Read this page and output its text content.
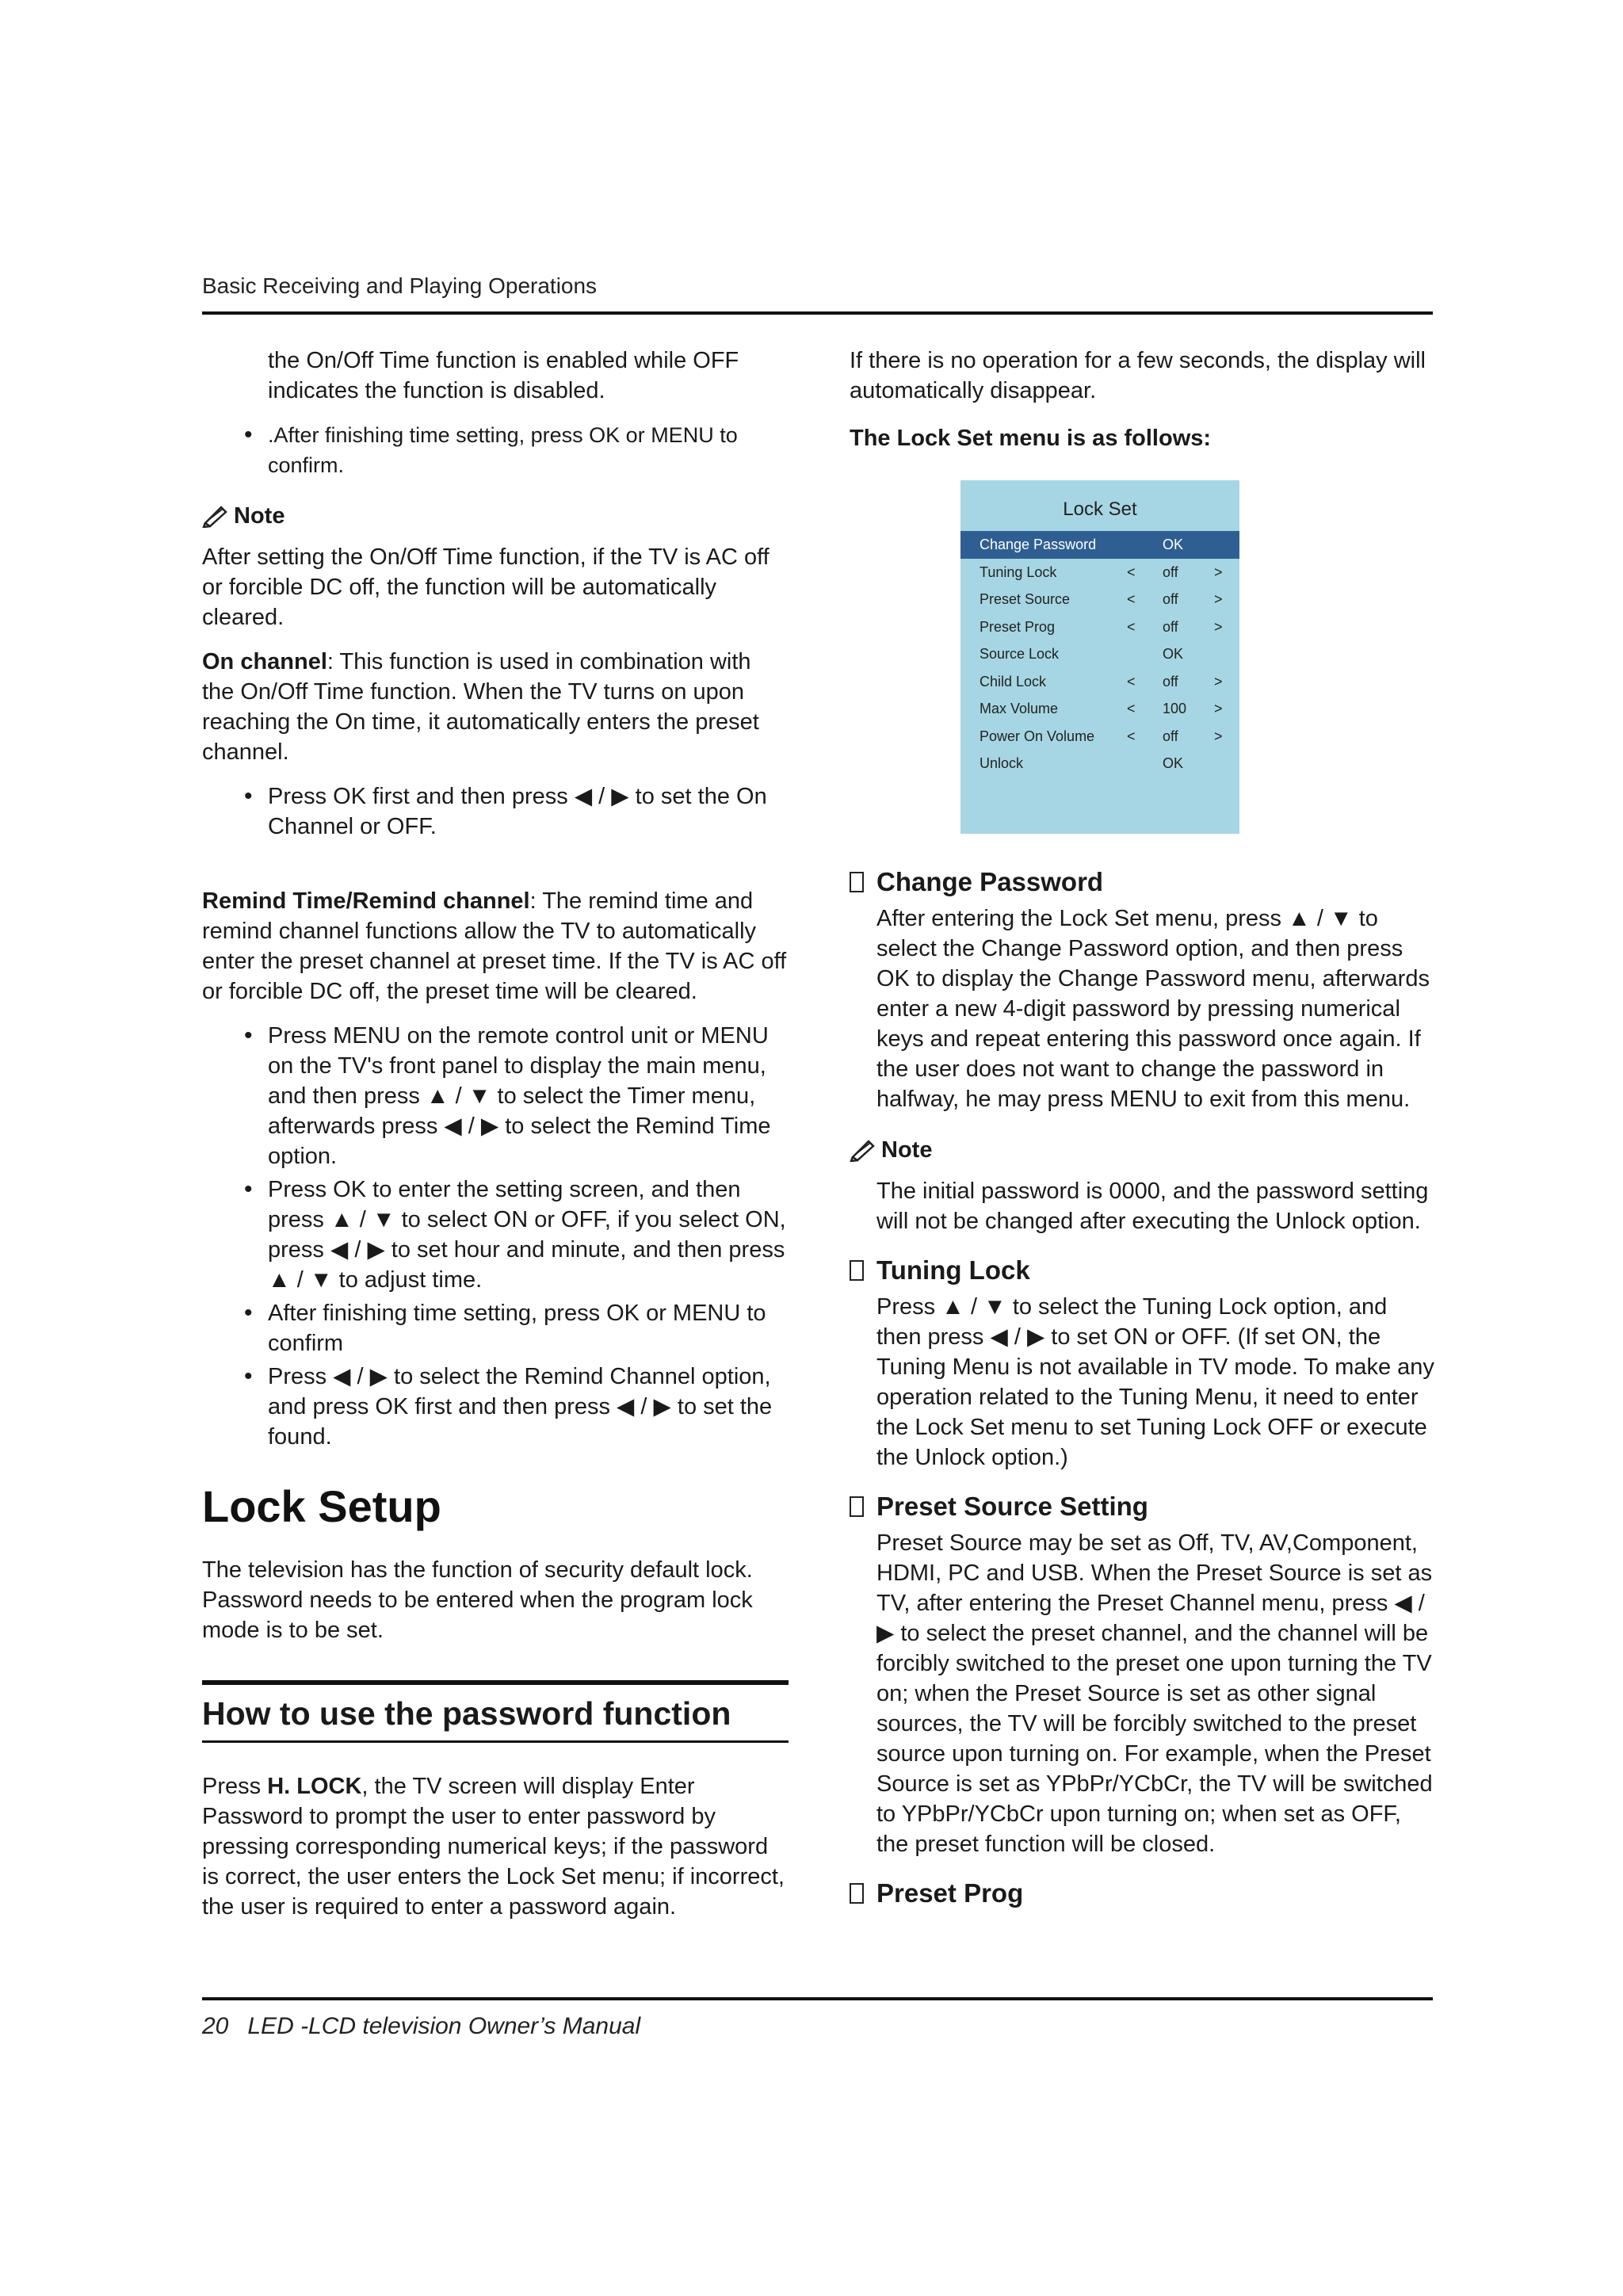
Basic Receiving and Playing Operations

the On/Off Time function is enabled while OFF indicates the function is disabled.

• .After finishing time setting, press OK or MENU to confirm.
Note

After setting the On/Off Time function, if the TV is AC off or forcible DC off, the function will be automatically cleared.

On channel: This function is used in combination with the On/Off Time function. When the TV turns on upon reaching the On time, it automatically enters the preset channel.

• Press OK first and then press ◀ / ▶ to set the On Channel or OFF.

Remind Time/Remind channel: The remind time and remind channel functions allow the TV to automatically enter the preset channel at preset time. If the TV is AC off or forcible DC off, the preset time will be cleared.

• Press MENU on the remote control unit or MENU on the TV's front panel to display the main menu, and then press ▲ / ▼ to select the Timer menu, afterwards press ◀ / ▶ to select the Remind Time option.
• Press OK to enter the setting screen, and then press ▲ / ▼ to select ON or OFF, if you select ON, press ◀ / ▶ to set hour and minute, and then press ▲ / ▼ to adjust time.
• After finishing time setting, press OK or MENU to confirm
• Press ◀ / ▶ to select the Remind Channel option, and press OK first and then press ◀ / ▶ to set the found.
Lock Setup

The television has the function of security default lock. Password needs to be entered when the program lock mode is to be set.

How to use the password function

Press H. LOCK, the TV screen will display Enter Password to prompt the user to enter password by pressing corresponding numerical keys; if the password is correct, the user enters the Lock Set menu; if incorrect, the user is required to enter a password again.

If there is no operation for a few seconds, the display will automatically disappear.

The Lock Set menu is as follows:

Lock Set
Change Password	OK
Tuning Lock	< off	>
Preset Source	< off	>
Preset Prog	< off	>
Source Lock	OK
Child Lock	< off	>
Max Volume	< 100	>
Power On Volume < off	>
Unlock	OK
Change Password

After entering the Lock Set menu, press ▲ / ▼ to select the Change Password option, and then press OK to display the Change Password menu, afterwards enter a new 4-digit password by pressing numerical keys and repeat entering this password once again. If the user does not want to change the password in halfway, he may press MENU to exit from this menu.

Note

The initial password is 0000, and the password setting will not be changed after executing the Unlock option.

Tuning Lock

Press ▲ / ▼ to select the Tuning Lock option, and then press ◀ / ▶ to set ON or OFF. (If set ON, the Tuning Menu is not available in TV mode. To make any operation related to the Tuning Menu, it need to enter the Lock Set menu to set Tuning Lock OFF or execute the Unlock option.)

Preset Source Setting

Preset Source may be set as Off, TV, AV,Component, HDMI, PC and USB. When the Preset Source is set as TV, after entering the Preset Channel menu, press ◀ / ▶ to select the preset channel, and the channel will be forcibly switched to the preset one upon turning the TV on; when the Preset Source is set as other signal sources, the TV will be forcibly switched to the preset source upon turning on. For example, when the Preset Source is set as YPbPr/YCbCr, the TV will be switched to YPbPr/YCbCr upon turning on; when set as OFF, the preset function will be closed.

Preset Prog
20 LED -LCD television Owner’s Manual
